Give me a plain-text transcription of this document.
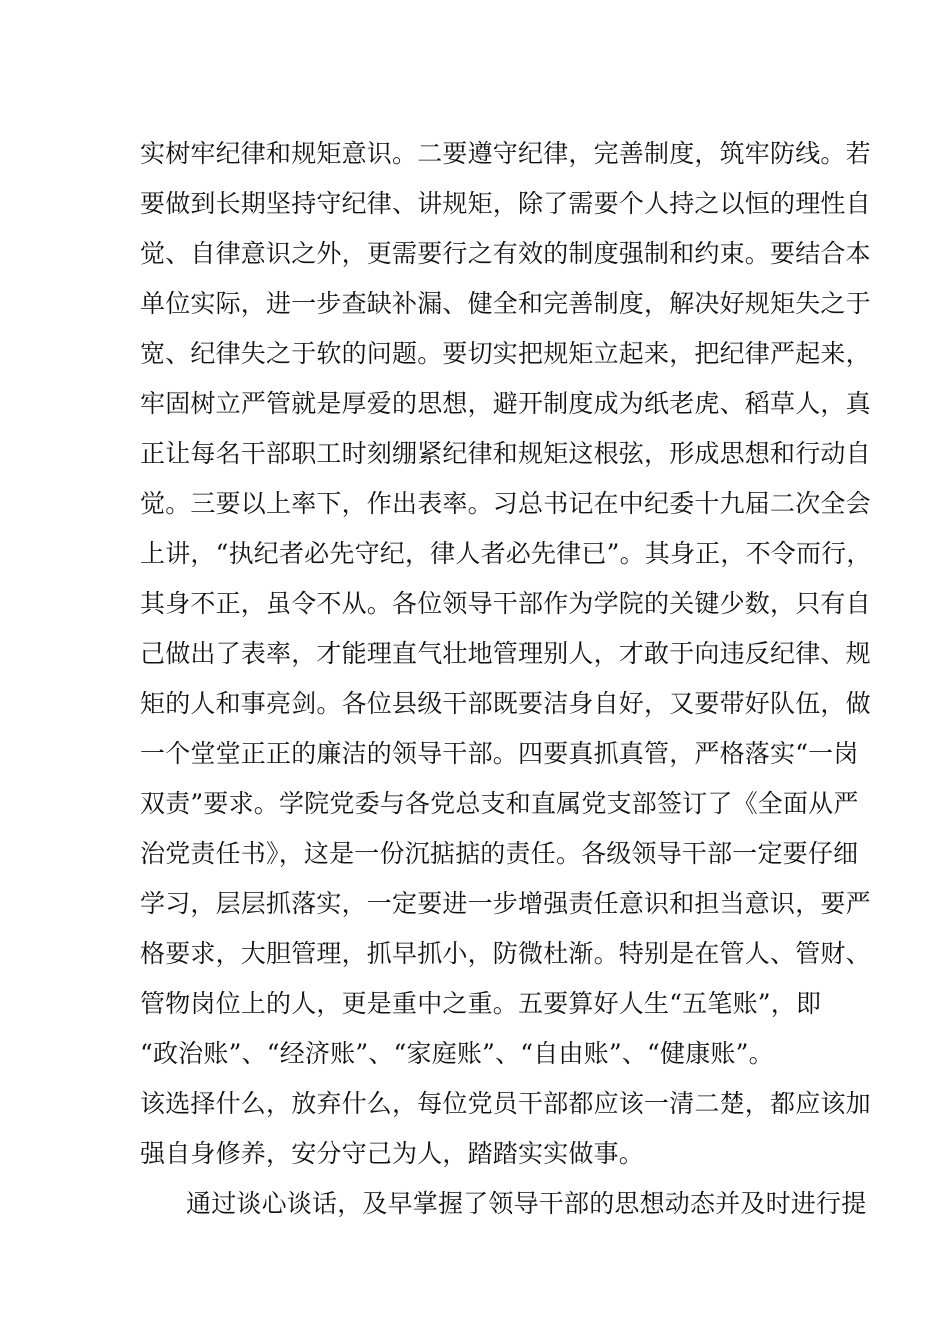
实树牢纪律和规矩意识。二要遵守纪律，完善制度，筑牢防线。若
要做到长期坚持守纪律、讲规矩，除了需要个人持之以恒的理性自
觉、自律意识之外，更需要行之有效的制度强制和约束。要结合本
单位实际，进一步查缺补漏、健全和完善制度，解决好规矩失之于
宽、纪律失之于软的问题。要切实把规矩立起来，把纪律严起来，
牢固树立严管就是厚爱的思想，避开制度成为纸老虎、稻草人，真
正让每名干部职工时刻绷紧纪律和规矩这根弦，形成思想和行动自
觉。三要以上率下，作出表率。习总书记在中纪委十九届二次全会
上讲，“执纪者必先守纪，律人者必先律已”。其身正，不令而行，
其身不正，虽令不从。各位领导干部作为学院的关键少数，只有自
己做出了表率，才能理直气壮地管理别人，才敢于向违反纪律、规
矩的人和事亮剑。各位县级干部既要洁身自好，又要带好队伍，做
一个堂堂正正的廉洁的领导干部。四要真抓真管，严格落实“一岗
双责”要求。学院党委与各党总支和直属党支部签订了《全面从严
治党责任书》，这是一份沉掂掂的责任。各级领导干部一定要仔细
学习，层层抓落实，一定要进一步增强责任意识和担当意识，要严
格要求，大胆管理，抓早抓小，防微杜渐。特别是在管人、管财、
管物岗位上的人，更是重中之重。五要算好人生“五笔账”，即
“政治账”、“经济账”、“家庭账”、“自由账”、“健康账”。
该选择什么，放弃什么，每位党员干部都应该一清二楚，都应该加
强自身修养，安分守己为人，踏踏实实做事。
通过谈心谈话，及早掌握了领导干部的思想动态并及时进行提
